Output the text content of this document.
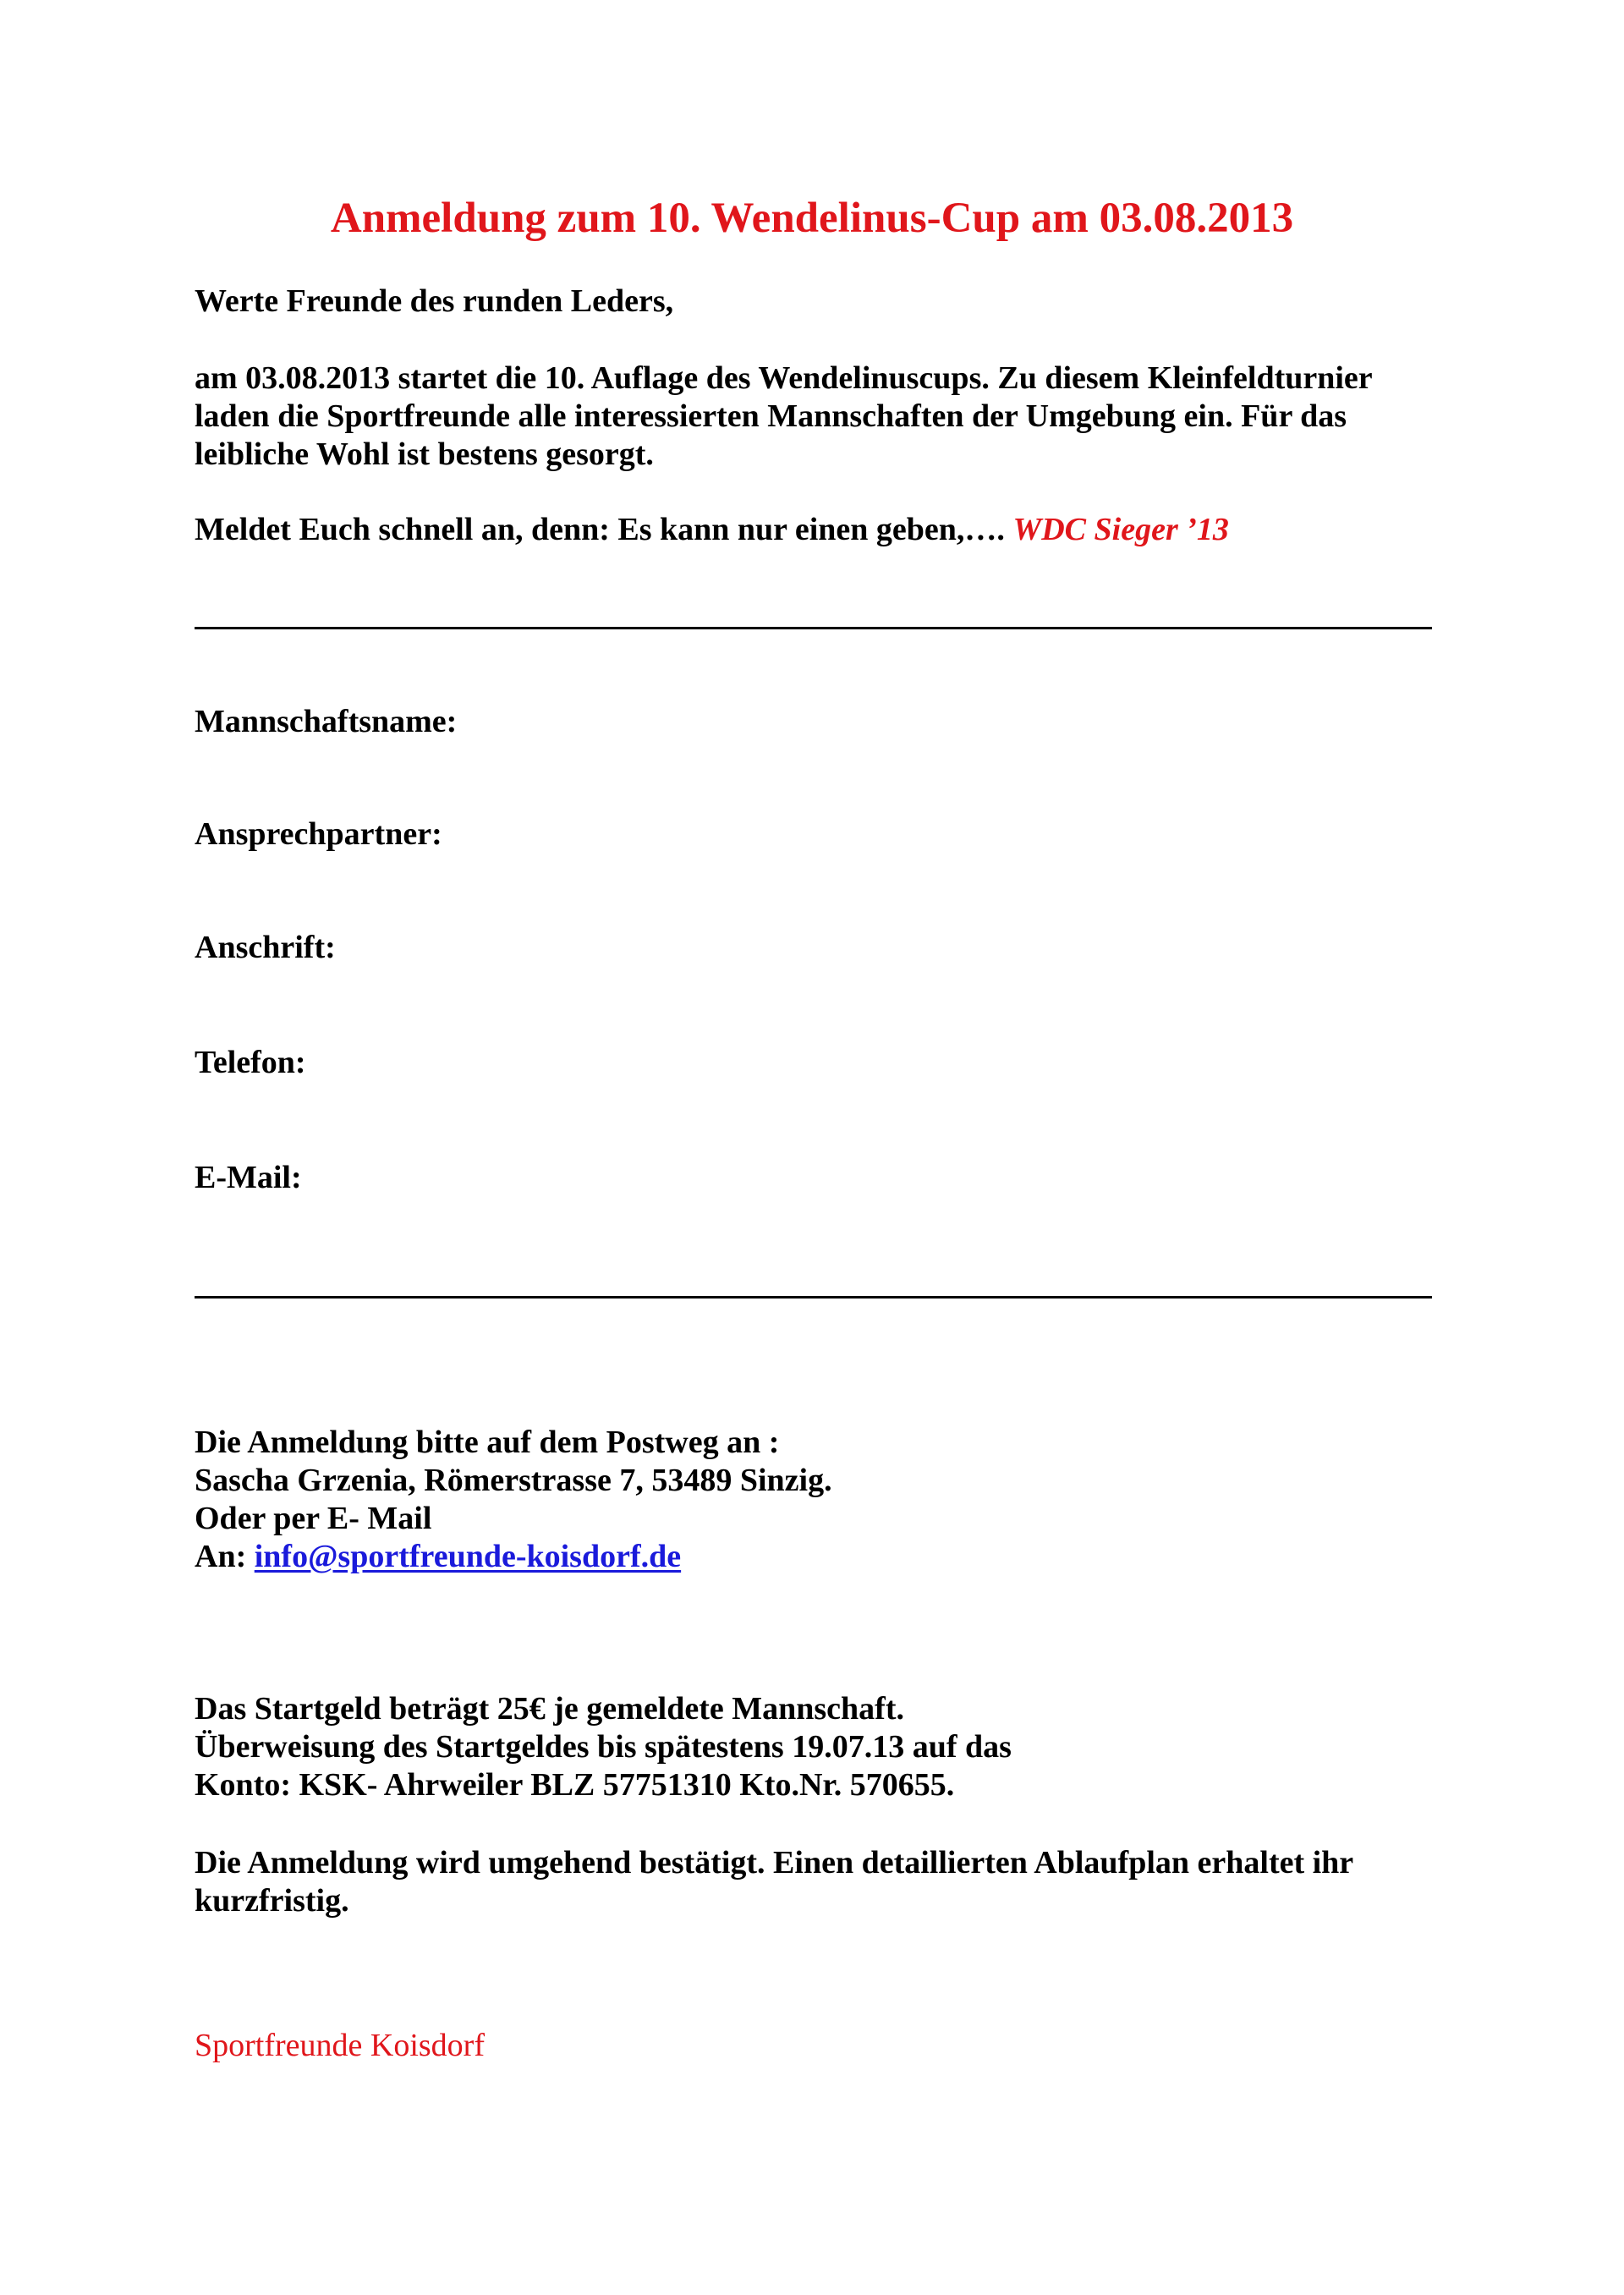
Anmeldung zum 10. Wendelinus-Cup am 03.08.2013

Werte Freunde des runden Leders,

am 03.08.2013 startet die 10. Auflage des Wendelinuscups. Zu diesem Kleinfeldturnier
laden die Sportfreunde alle interessierten Mannschaften der Umgebung ein. Für das
leibliche Wohl ist bestens gesorgt.

Meldet Euch schnell an, denn: Es kann nur einen geben,…. WDC Sieger ’13

Mannschaftsname:

Ansprechpartner:

Anschrift:

Telefon:

E-Mail:

Die Anmeldung bitte auf dem Postweg an :
Sascha Grzenia, Römerstrasse 7, 53489 Sinzig.
Oder per E- Mail
An: info@sportfreunde-koisdorf.de
Das Startgeld beträgt 25€ je gemeldete Mannschaft.
Überweisung des Startgeldes bis spätestens 19.07.13 auf das
Konto: KSK- Ahrweiler BLZ 57751310 Kto.Nr. 570655.
Die Anmeldung wird umgehend bestätigt. Einen detaillierten Ablaufplan erhaltet ihr
kurzfristig.

Sportfreunde Koisdorf
